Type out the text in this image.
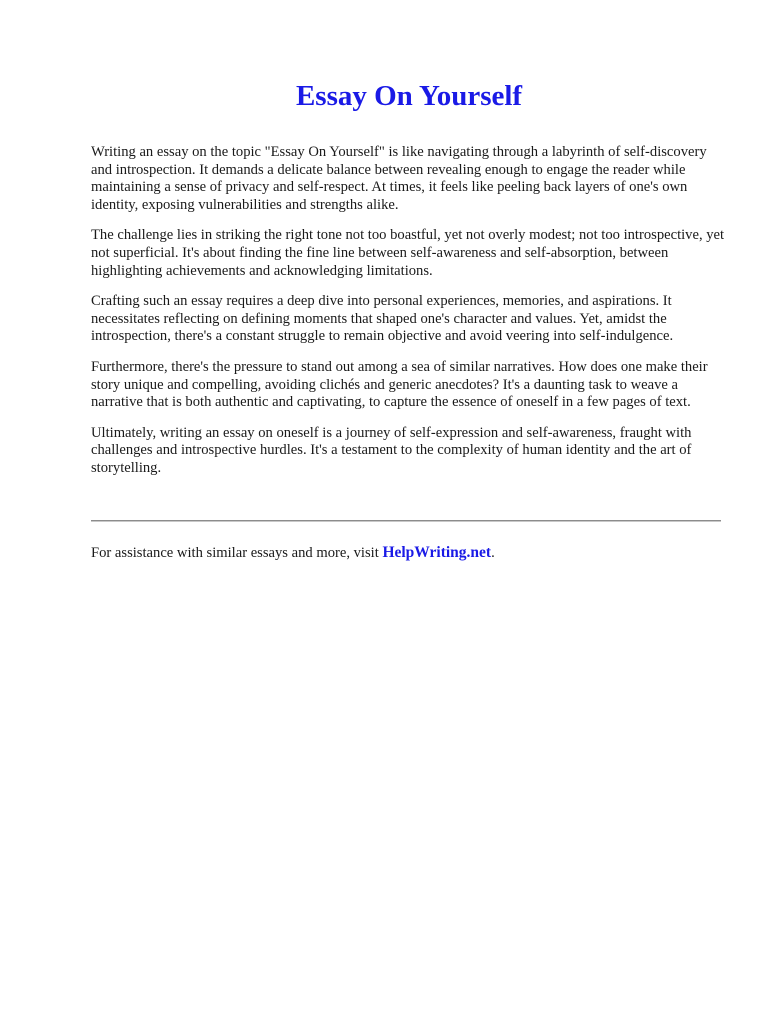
Essay On Yourself

Writing an essay on the topic "Essay On Yourself" is like navigating through a labyrinth of self-discovery and introspection. It demands a delicate balance between revealing enough to engage the reader while maintaining a sense of privacy and self-respect. At times, it feels like peeling back layers of one's own identity, exposing vulnerabilities and strengths alike.

The challenge lies in striking the right tone not too boastful, yet not overly modest; not too introspective, yet not superficial. It's about finding the fine line between self-awareness and self-absorption, between highlighting achievements and acknowledging limitations.

Crafting such an essay requires a deep dive into personal experiences, memories, and aspirations. It necessitates reflecting on defining moments that shaped one's character and values. Yet, amidst the introspection, there's a constant struggle to remain objective and avoid veering into self-indulgence.

Furthermore, there's the pressure to stand out among a sea of similar narratives. How does one make their story unique and compelling, avoiding clichés and generic anecdotes? It's a daunting task to weave a narrative that is both authentic and captivating, to capture the essence of oneself in a few pages of text.

Ultimately, writing an essay on oneself is a journey of self-expression and self-awareness, fraught with challenges and introspective hurdles. It's a testament to the complexity of human identity and the art of storytelling.

For assistance with similar essays and more, visit HelpWriting.net.
